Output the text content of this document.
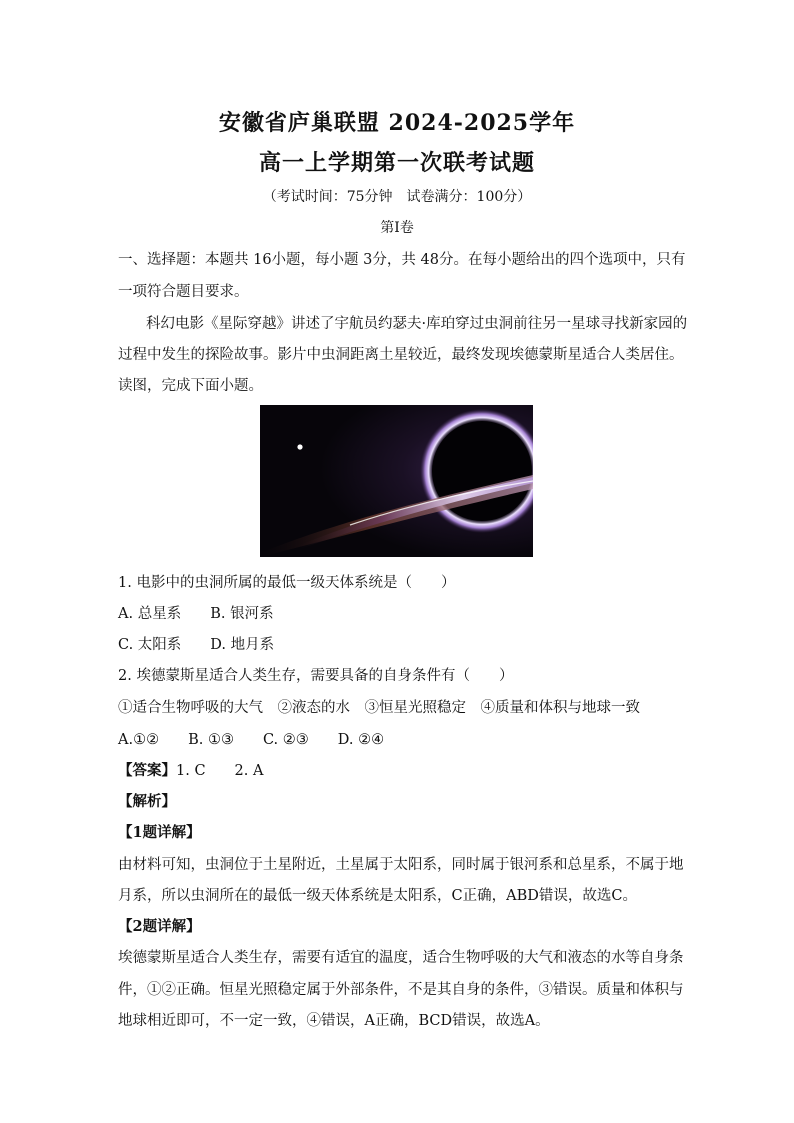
安徽省庐巢联盟 2024-2025学年
高一上学期第一次联考试题
（考试时间：75分钟　试卷满分：100分）
第Ⅰ卷
一、选择题：本题共 16小题，每小题 3分，共 48分。在每小题给出的四个选项中，只有
一项符合题目要求。
科幻电影《星际穿越》讲述了宇航员约瑟夫·库珀穿过虫洞前往另一星球寻找新家园的
过程中发生的探险故事。影片中虫洞距离土星较近，最终发现埃德蒙斯星适合人类居住。
读图，完成下面小题。
1. 电影中的虫洞所属的最低一级天体系统是（　　）
A. 总星系　　B. 银河系
C. 太阳系　　D. 地月系
2. 埃德蒙斯星适合人类生存，需要具备的自身条件有（　　）
①适合生物呼吸的大气　②液态的水　③恒星光照稳定　④质量和体积与地球一致
A.①②　　B. ①③　　C. ②③　　D. ②④
【答案】1. C　　2. A
【解析】
【1题详解】
由材料可知，虫洞位于土星附近，土星属于太阳系，同时属于银河系和总星系，不属于地
月系，所以虫洞所在的最低一级天体系统是太阳系，C正确，ABD错误，故选C。
【2题详解】
埃德蒙斯星适合人类生存，需要有适宜的温度，适合生物呼吸的大气和液态的水等自身条
件，①②正确。恒星光照稳定属于外部条件，不是其自身的条件，③错误。质量和体积与
地球相近即可，不一定一致，④错误，A正确，BCD错误，故选A。
